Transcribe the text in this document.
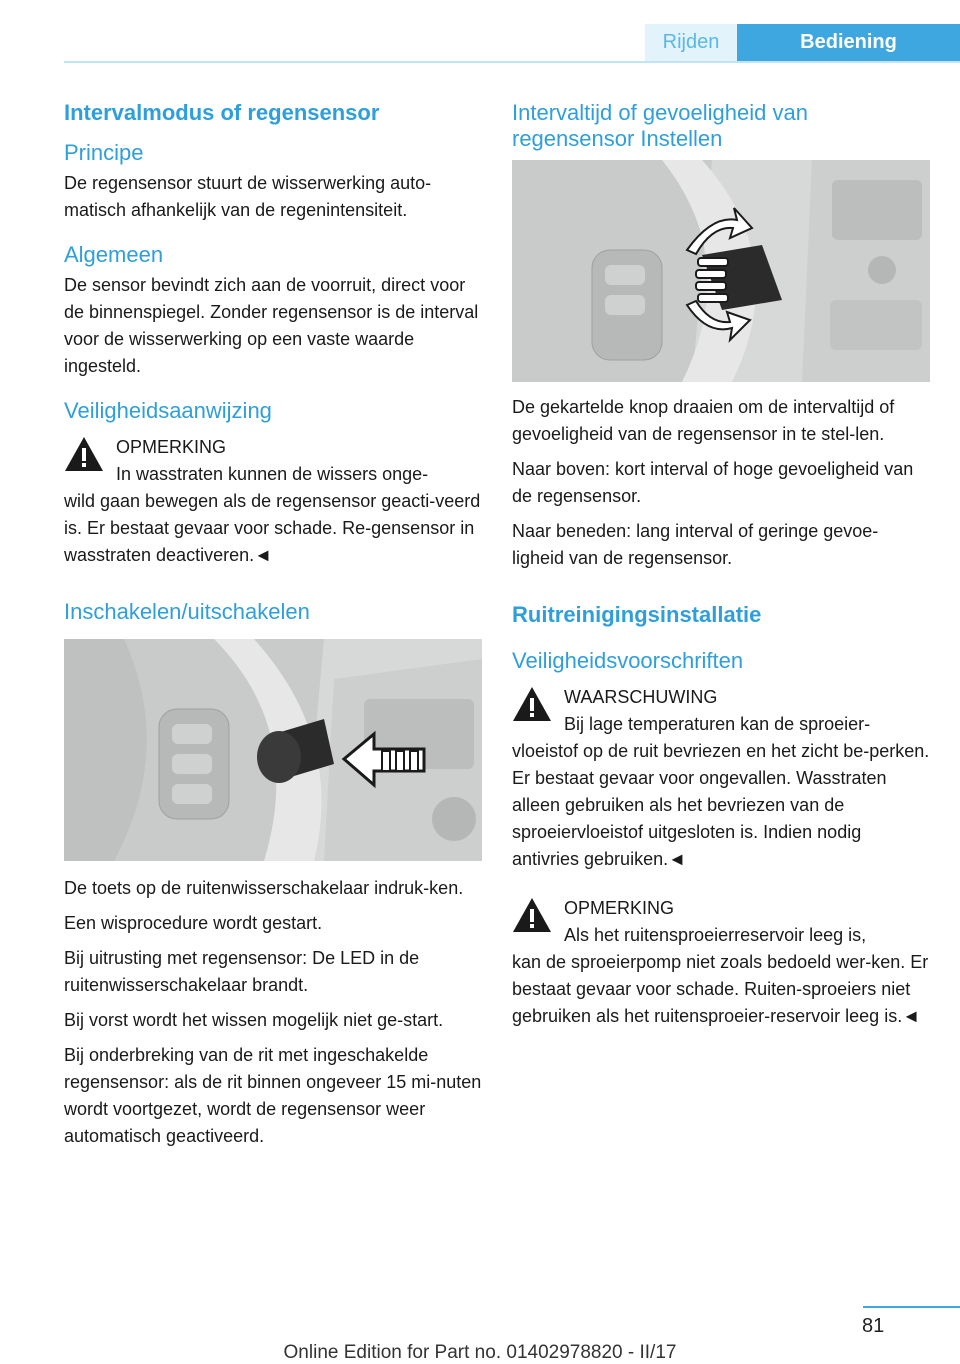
Rijden	Bediening
Intervalmodus of regensensor
Principe

De regensensor stuurt de wisserwerking auto‐matisch afhankelijk van de regenintensiteit.

Algemeen

De sensor bevindt zich aan de voorruit, direct voor de binnenspiegel. Zonder regensensor is de interval voor de wisserwerking op een vaste waarde ingesteld.

Veiligheidsaanwijzing
OPMERKING
In wasstraten kunnen de wissers onge‐
wild gaan bewegen als de regensensor geacti‐veerd is. Er bestaat gevaar voor schade. Re‐gensensor in wasstraten deactiveren.◄
Inschakelen/uitschakelen

De toets op de ruitenwisserschakelaar indruk‐ken.

Een wisprocedure wordt gestart.

Bij uitrusting met regensensor: De LED in de ruitenwisserschakelaar brandt.

Bij vorst wordt het wissen mogelijk niet ge‐start.

Bij onderbreking van de rit met ingeschakelde regensensor: als de rit binnen ongeveer 15 mi‐nuten wordt voortgezet, wordt de regensensor weer automatisch geactiveerd.

Intervaltijd of gevoeligheid van regensensor Instellen

De gekartelde knop draaien om de intervaltijd of gevoeligheid van de regensensor in te stel‐len.

Naar boven: kort interval of hoge gevoeligheid van de regensensor.

Naar beneden: lang interval of geringe gevoe‐ligheid van de regensensor.

Ruitreinigingsinstallatie
Veiligheidsvoorschriften
WAARSCHUWING
Bij lage temperaturen kan de sproeier‐
vloeistof op de ruit bevriezen en het zicht be‐perken. Er bestaat gevaar voor ongevallen. Wasstraten alleen gebruiken als het bevriezen van de sproeiervloeistof uitgesloten is. Indien nodig antivries gebruiken.◄
OPMERKING
Als het ruitensproeierreservoir leeg is,
kan de sproeierpomp niet zoals bedoeld wer‐ken. Er bestaat gevaar voor schade. Ruiten‐sproeiers niet gebruiken als het ruitensproeier‐reservoir leeg is.◄
81
Online Edition for Part no. 01402978820 - II/17
